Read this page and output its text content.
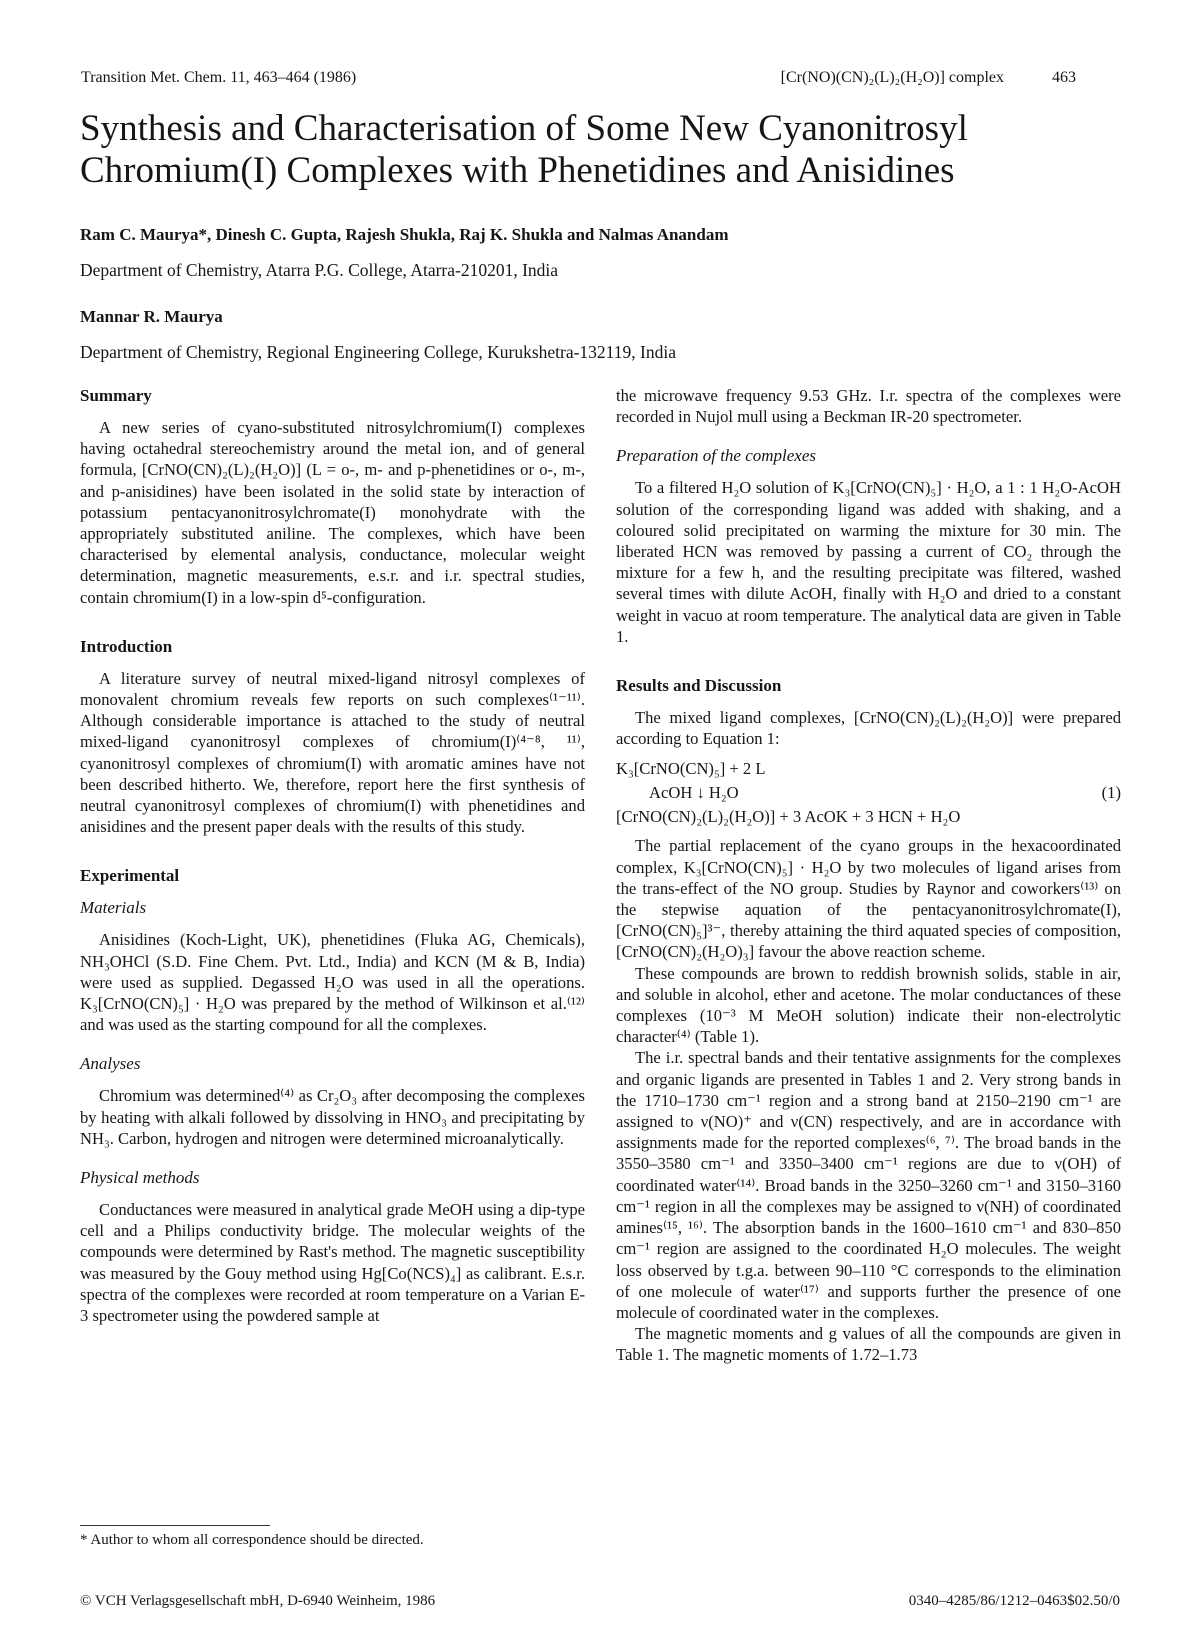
Transition Met. Chem. 11, 463–464 (1986)	[Cr(NO)(CN)₂(L)₂(H₂O)] complex	463
Synthesis and Characterisation of Some New Cyanonitrosyl Chromium(I) Complexes with Phenetidines and Anisidines
Ram C. Maurya*, Dinesh C. Gupta, Rajesh Shukla, Raj K. Shukla and Nalmas Anandam
Department of Chemistry, Atarra P.G. College, Atarra-210201, India
Mannar R. Maurya
Department of Chemistry, Regional Engineering College, Kurukshetra-132119, India
Summary

A new series of cyano-substituted nitrosylchromium(I) complexes having octahedral stereochemistry around the metal ion, and of general formula, [CrNO(CN)₂(L)₂(H₂O)] (L = o-, m- and p-phenetidines or o-, m-, and p-anisidines) have been isolated in the solid state by interaction of potassium pentacyanonitrosylchromate(I) monohydrate with the appropriately substituted aniline. The complexes, which have been characterised by elemental analysis, conductance, molecular weight determination, magnetic measurements, e.s.r. and i.r. spectral studies, contain chromium(I) in a low-spin d⁵-configuration.

Introduction

A literature survey of neutral mixed-ligand nitrosyl complexes of monovalent chromium reveals few reports on such complexes⁽¹⁻¹¹⁾. Although considerable importance is attached to the study of neutral mixed-ligand cyanonitrosyl complexes of chromium(I)⁽⁴⁻⁸, ¹¹⁾, cyanonitrosyl complexes of chromium(I) with aromatic amines have not been described hitherto. We, therefore, report here the first synthesis of neutral cyanonitrosyl complexes of chromium(I) with phenetidines and anisidines and the present paper deals with the results of this study.

Experimental
Materials

Anisidines (Koch-Light, UK), phenetidines (Fluka AG, Chemicals), NH₃OHCl (S.D. Fine Chem. Pvt. Ltd., India) and KCN (M & B, India) were used as supplied. Degassed H₂O was used in all the operations. K₃[CrNO(CN)₅] · H₂O was prepared by the method of Wilkinson et al.⁽¹²⁾ and was used as the starting compound for all the complexes.

Analyses

Chromium was determined⁽⁴⁾ as Cr₂O₃ after decomposing the complexes by heating with alkali followed by dissolving in HNO₃ and precipitating by NH₃. Carbon, hydrogen and nitrogen were determined microanalytically.

Physical methods

Conductances were measured in analytical grade MeOH using a dip-type cell and a Philips conductivity bridge. The molecular weights of the compounds were determined by Rast's method. The magnetic susceptibility was measured by the Gouy method using Hg[Co(NCS)₄] as calibrant. E.s.r. spectra of the complexes were recorded at room temperature on a Varian E-3 spectrometer using the powdered sample at

the microwave frequency 9.53 GHz. I.r. spectra of the complexes were recorded in Nujol mull using a Beckman IR-20 spectrometer.

Preparation of the complexes

To a filtered H₂O solution of K₃[CrNO(CN)₅] · H₂O, a 1 : 1 H₂O-AcOH solution of the corresponding ligand was added with shaking, and a coloured solid precipitated on warming the mixture for 30 min. The liberated HCN was removed by passing a current of CO₂ through the mixture for a few h, and the resulting precipitate was filtered, washed several times with dilute AcOH, finally with H₂O and dried to a constant weight in vacuo at room temperature. The analytical data are given in Table 1.

Results and Discussion

The mixed ligand complexes, [CrNO(CN)₂(L)₂(H₂O)] were prepared according to Equation 1:

K₃[CrNO(CN)₅] + 2 L
AcOH ↓ H₂O
[CrNO(CN)₂(L)₂(H₂O)] + 3 AcOK + 3 HCN + H₂O
(1)

The partial replacement of the cyano groups in the hexacoordinated complex, K₃[CrNO(CN)₅] · H₂O by two molecules of ligand arises from the trans-effect of the NO group. Studies by Raynor and coworkers⁽¹³⁾ on the stepwise aquation of the pentacyanonitrosylchromate(I), [CrNO(CN)₅]³⁻, thereby attaining the third aquated species of composition, [CrNO(CN)₂(H₂O)₃] favour the above reaction scheme.

These compounds are brown to reddish brownish solids, stable in air, and soluble in alcohol, ether and acetone. The molar conductances of these complexes (10⁻³ M MeOH solution) indicate their non-electrolytic character⁽⁴⁾ (Table 1).

The i.r. spectral bands and their tentative assignments for the complexes and organic ligands are presented in Tables 1 and 2. Very strong bands in the 1710–1730 cm⁻¹ region and a strong band at 2150–2190 cm⁻¹ are assigned to ν(NO)⁺ and ν(CN) respectively, and are in accordance with assignments made for the reported complexes⁽⁶, ⁷⁾. The broad bands in the 3550–3580 cm⁻¹ and 3350–3400 cm⁻¹ regions are due to ν(OH) of coordinated water⁽¹⁴⁾. Broad bands in the 3250–3260 cm⁻¹ and 3150–3160 cm⁻¹ region in all the complexes may be assigned to ν(NH) of coordinated amines⁽¹⁵, ¹⁶⁾. The absorption bands in the 1600–1610 cm⁻¹ and 830–850 cm⁻¹ region are assigned to the coordinated H₂O molecules. The weight loss observed by t.g.a. between 90–110 °C corresponds to the elimination of one molecule of water⁽¹⁷⁾ and supports further the presence of one molecule of coordinated water in the complexes.

The magnetic moments and g values of all the compounds are given in Table 1. The magnetic moments of 1.72–1.73

* Author to whom all correspondence should be directed.
© VCH Verlagsgesellschaft mbH, D-6940 Weinheim, 1986	0340–4285/86/1212–0463$02.50/0
